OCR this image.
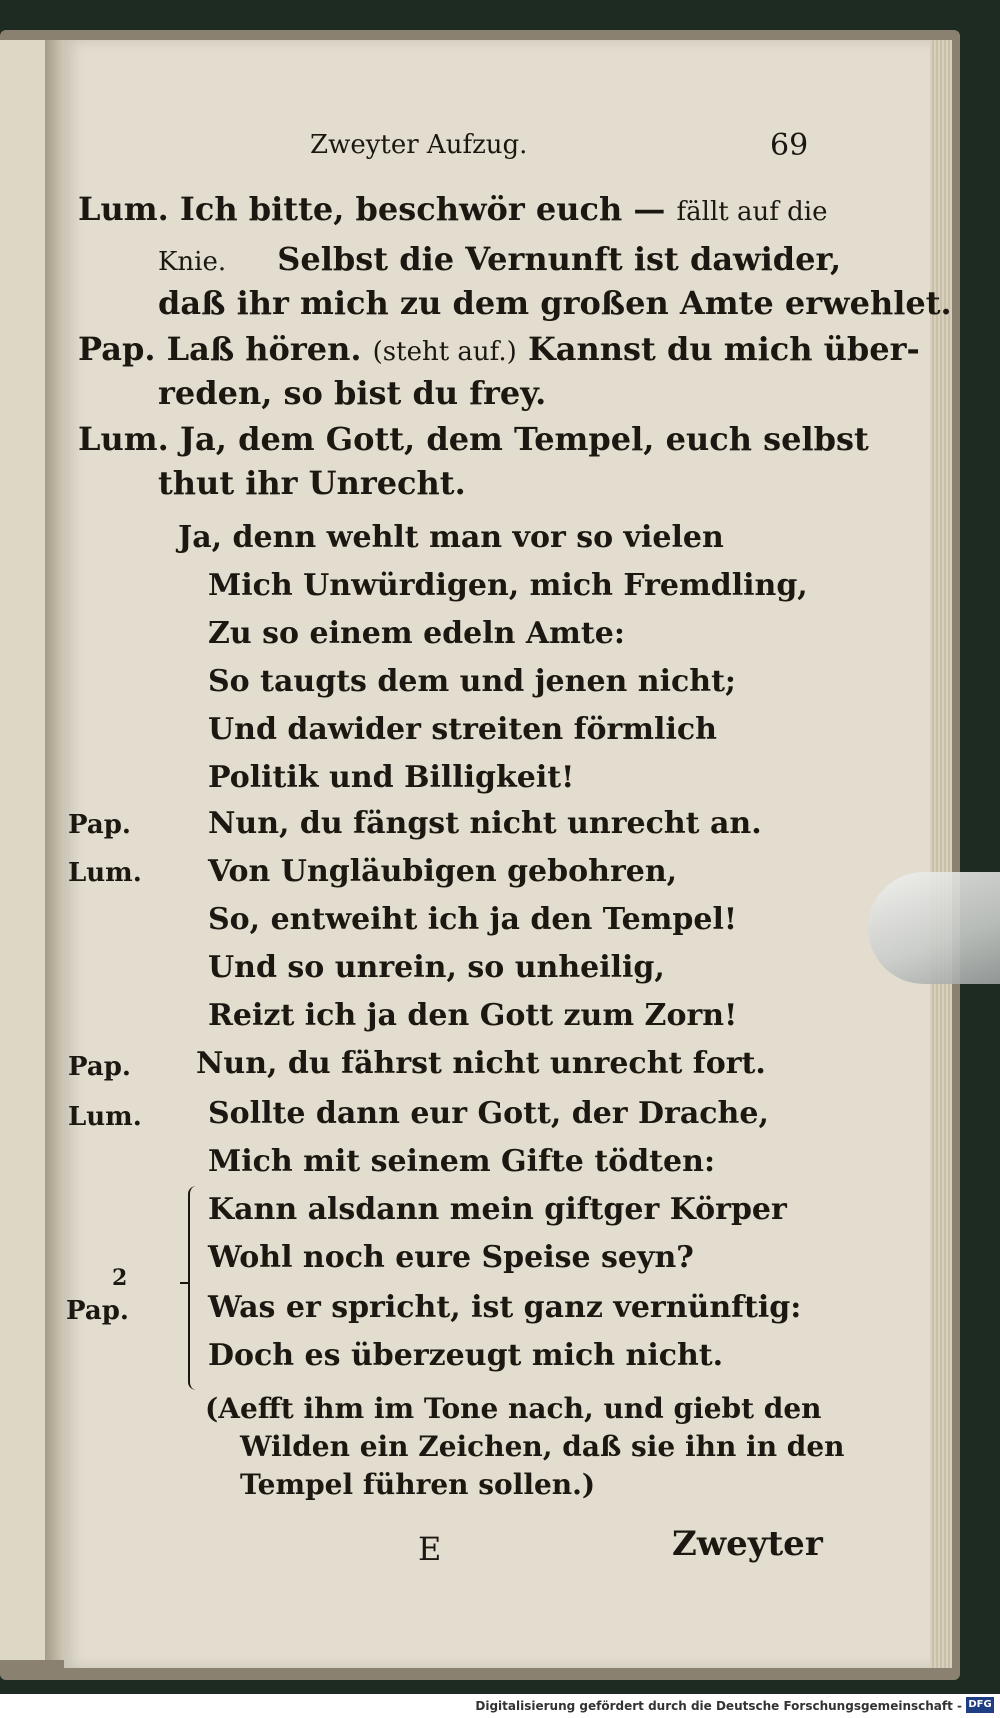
Zweyter Aufzug.	69
Lum. Ich bitte, beschwör euch — fällt auf die
Knie. Selbst die Vernunft ist dawider,
daß ihr mich zu dem großen Amte erwehlet.
Pap. Laß hören. (steht auf.) Kannst du mich über-
reden, so bist du frey.
Lum. Ja, dem Gott, dem Tempel, euch selbst
thut ihr Unrecht.
Ja, denn wehlt man vor so vielen
Mich Unwürdigen, mich Fremdling,
Zu so einem edeln Amte:
So taugts dem und jenen nicht;
Und dawider streiten förmlich
Politik und Billigkeit!
Pap.	Nun, du fängst nicht unrecht an.
Lum. Von Ungläubigen gebohren,
So, entweiht ich ja den Tempel!
Und so unrein, so unheilig,
Reizt ich ja den Gott zum Zorn!
Pap. Nun, du fährst nicht unrecht fort.
Lum. Sollte dann eur Gott, der Drache,
Mich mit seinem Gifte tödten:
2
Kann alsdann mein giftger Körper
Wohl noch eure Speise seyn?
Pap.	Was er spricht, ist ganz vernünftig:
Doch es überzeugt mich nicht.
(Aefft ihm im Tone nach, und giebt den
Wilden ein Zeichen, daß sie ihn in den
Tempel führen sollen.)
E	Zweyter
Digitalisierung gefördert durch die Deutsche Forschungsgemeinschaft - DFG
